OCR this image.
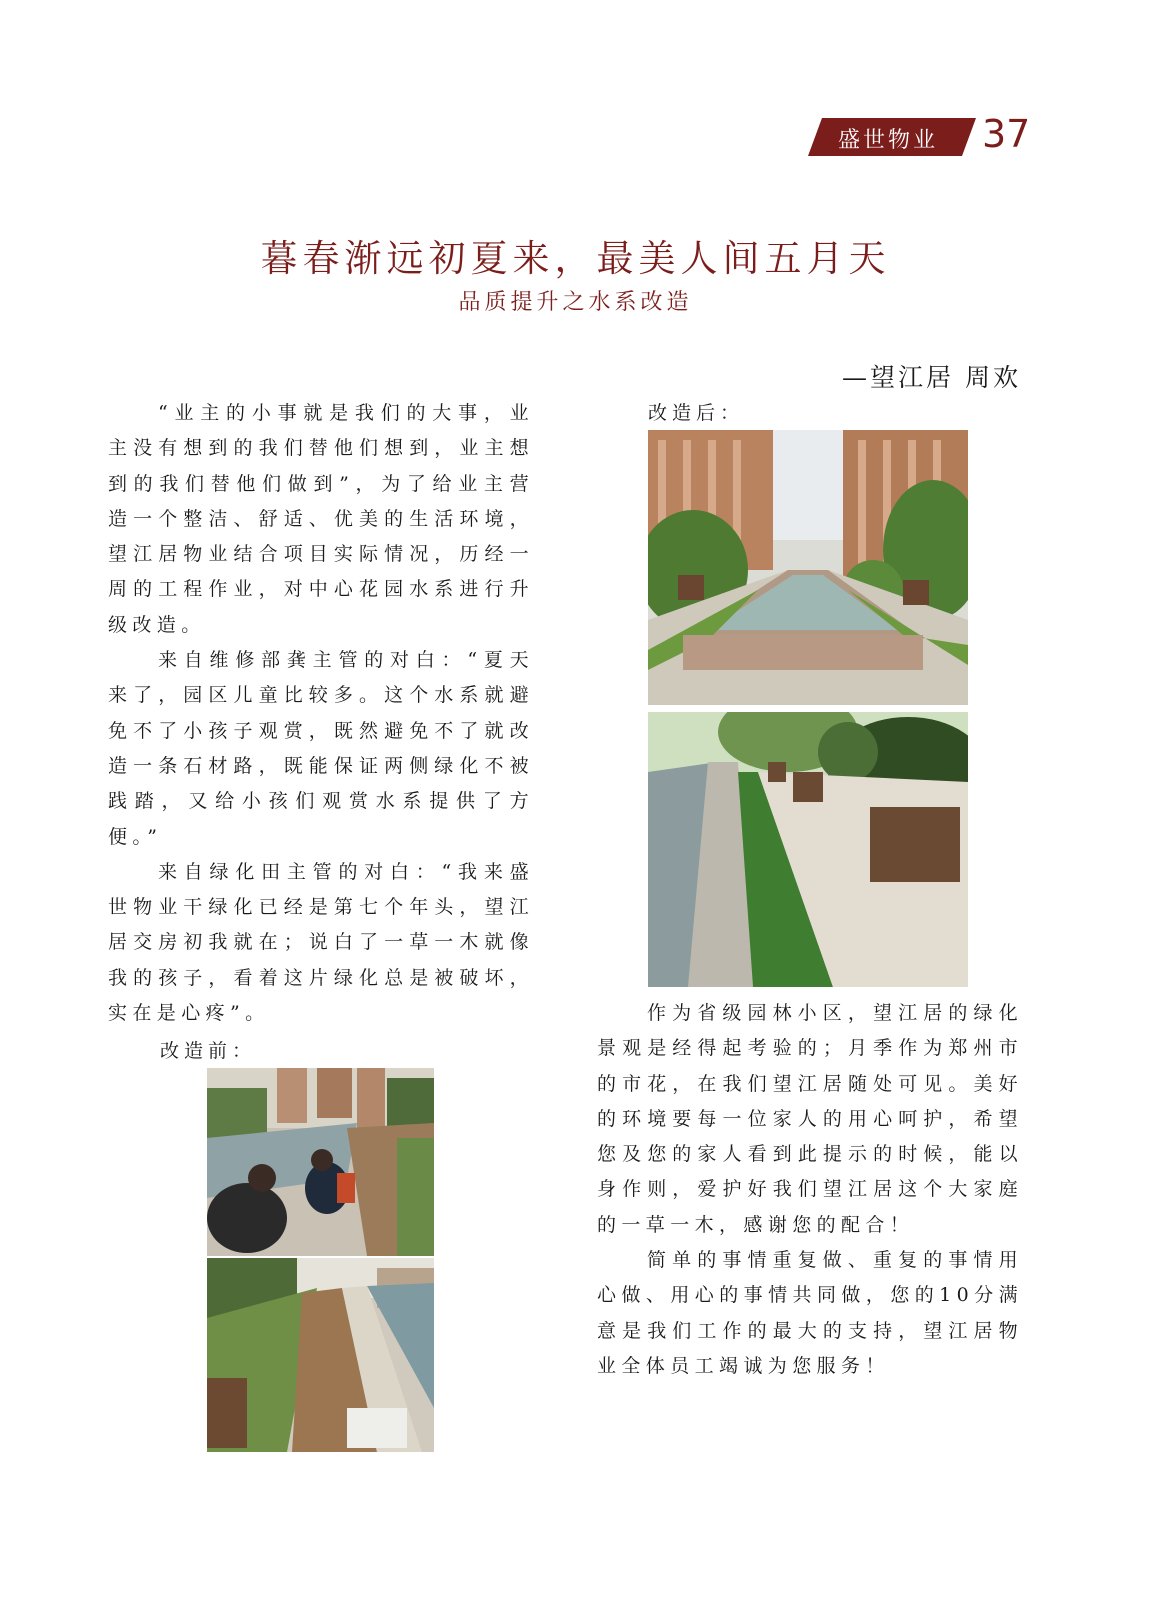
盛世物业 37
暮春渐远初夏来，最美人间五月天
品质提升之水系改造
—望江居 周欢

“业主的小事就是我们的大事，业主没有想到的我们替他们想到，业主想到的我们替他们做到”，为了给业主营造一个整洁、舒适、优美的生活环境，望江居物业结合项目实际情况，历经一周的工程作业，对中心花园水系进行升级改造。

来自维修部龚主管的对白：“夏天来了，园区儿童比较多。这个水系就避免不了小孩子观赏，既然避免不了就改造一条石材路，既能保证两侧绿化不被践踏，又给小孩们观赏水系提供了方便。”

来自绿化田主管的对白：“我来盛世物业干绿化已经是第七个年头，望江居交房初我就在；说白了一草一木就像我的孩子，看着这片绿化总是被破坏，实在是心疼”。

改造前：
改造后：

作为省级园林小区，望江居的绿化景观是经得起考验的；月季作为郑州市的市花，在我们望江居随处可见。美好的环境要每一位家人的用心呵护，希望您及您的家人看到此提示的时候，能以身作则，爱护好我们望江居这个大家庭的一草一木，感谢您的配合！

简单的事情重复做、重复的事情用心做、用心的事情共同做，您的10分满意是我们工作的最大的支持，望江居物业全体员工竭诚为您服务！
